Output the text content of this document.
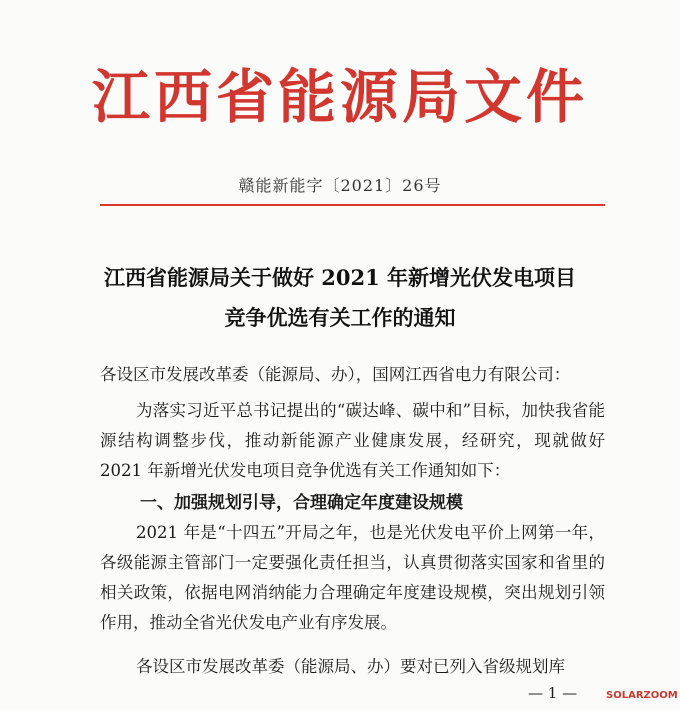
江西省能源局文件
赣能新能字〔2021〕26号
江西省能源局关于做好 2021 年新增光伏发电项目
竞争优选有关工作的通知
各设区市发展改革委（能源局、办），国网江西省电力有限公司：
为落实习近平总书记提出的“碳达峰、碳中和”目标，加快我省能源结构调整步伐，推动新能源产业健康发展，经研究，现就做好 2021 年新增光伏发电项目竞争优选有关工作通知如下：
一、加强规划引导，合理确定年度建设规模
2021 年是“十四五”开局之年，也是光伏发电平价上网第一年，各级能源主管部门一定要强化责任担当，认真贯彻落实国家和省里的相关政策，依据电网消纳能力合理确定年度建设规模，突出规划引领作用，推动全省光伏发电产业有序发展。
各设区市发展改革委（能源局、办）要对已列入省级规划库
— 1 —	SOLARZOOM
